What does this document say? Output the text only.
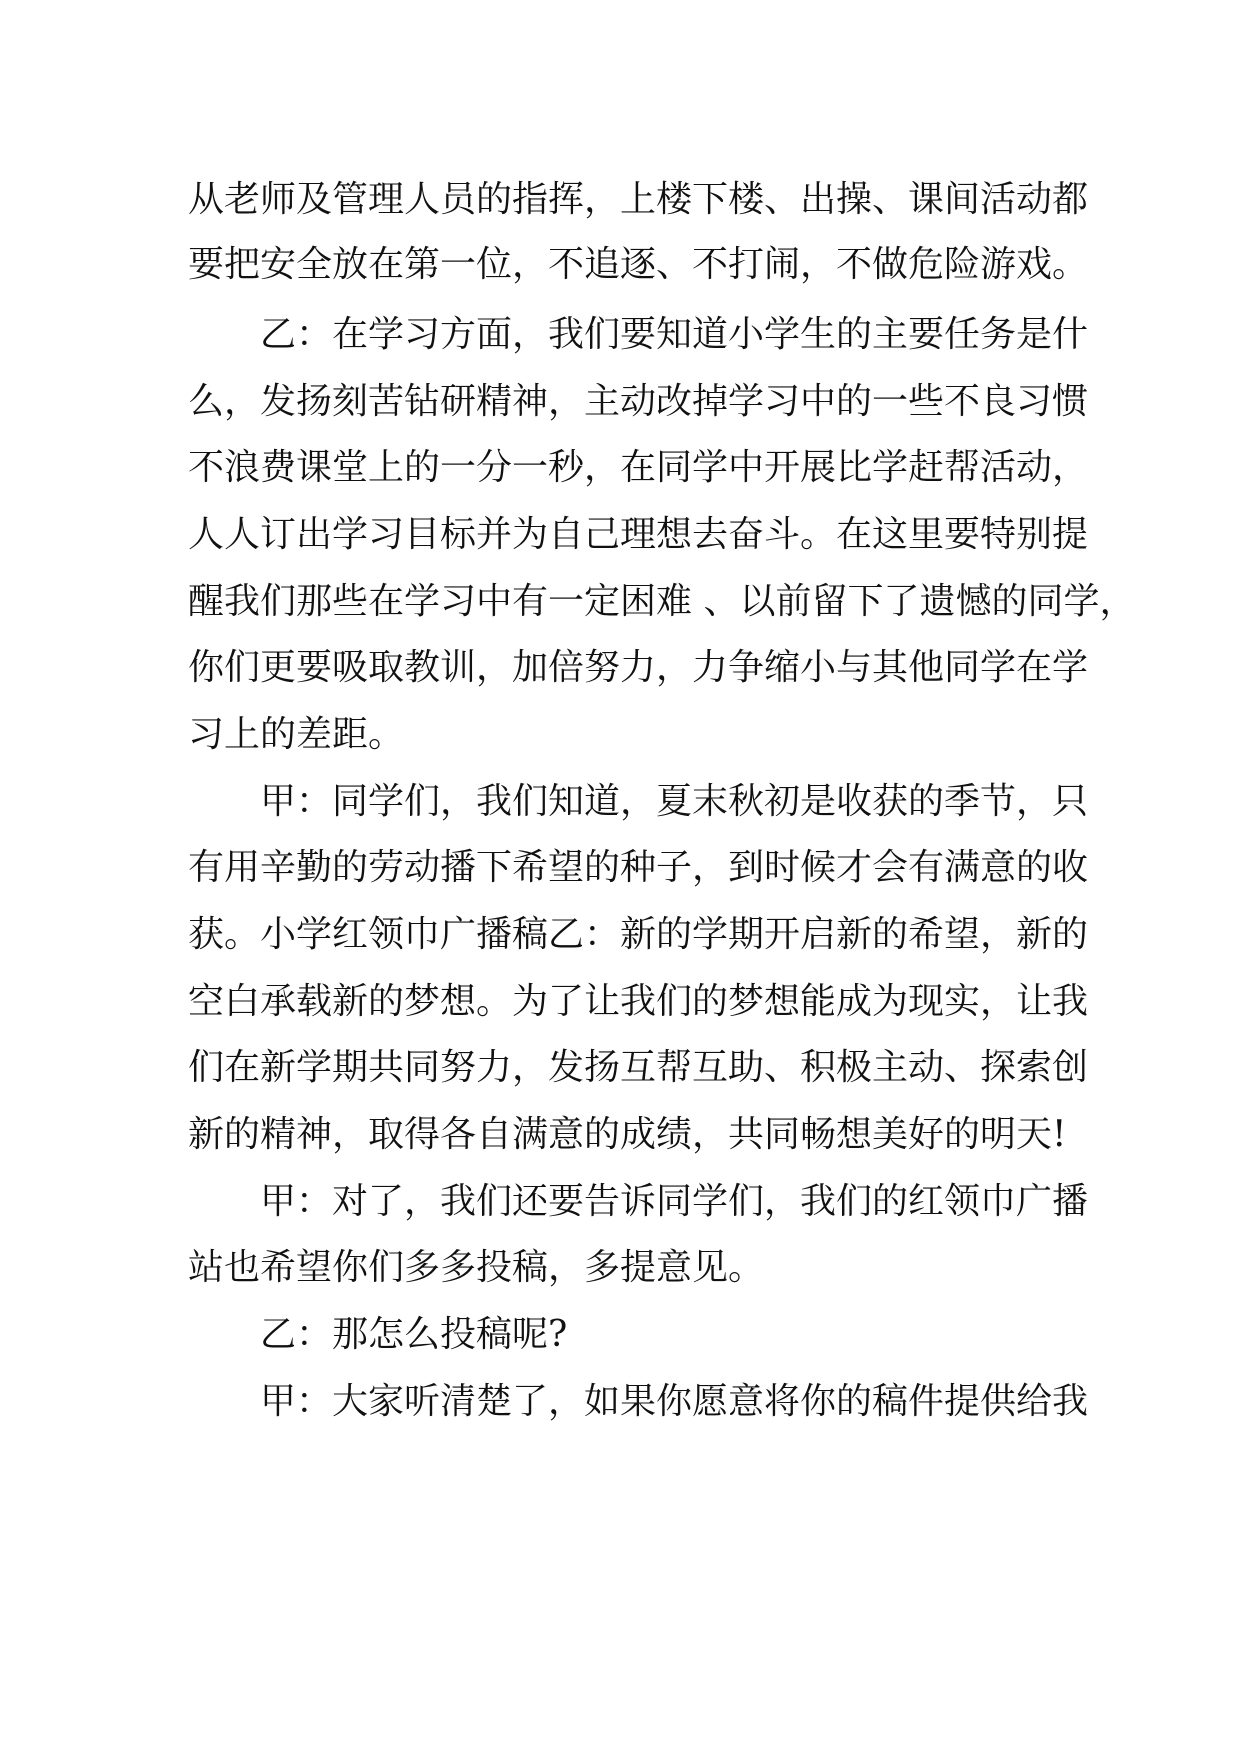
从老师及管理人员的指挥，上楼下楼、出操、课间活动都

要把安全放在第一位，不追逐、不打闹，不做危险游戏。

乙：在学习方面，我们要知道小学生的主要任务是什

么，发扬刻苦钻研精神，主动改掉学习中的一些不良习惯

不浪费课堂上的一分一秒，在同学中开展比学赶帮活动，

人人订出学习目标并为自己理想去奋斗。在这里要特别提

醒我们那些在学习中有一定困难 、以前留下了遗憾的同学，

你们更要吸取教训，加倍努力，力争缩小与其他同学在学

习上的差距。

甲：同学们，我们知道，夏末秋初是收获的季节，只

有用辛勤的劳动播下希望的种子，到时候才会有满意的收

获。小学红领巾广播稿乙：新的学期开启新的希望，新的

空白承载新的梦想。为了让我们的梦想能成为现实，让我

们在新学期共同努力，发扬互帮互助、积极主动、探索创

新的精神，取得各自满意的成绩，共同畅想美好的明天!

甲：对了，我们还要告诉同学们，我们的红领巾广播

站也希望你们多多投稿，多提意见。

乙：那怎么投稿呢?

甲：大家听清楚了，如果你愿意将你的稿件提供给我
